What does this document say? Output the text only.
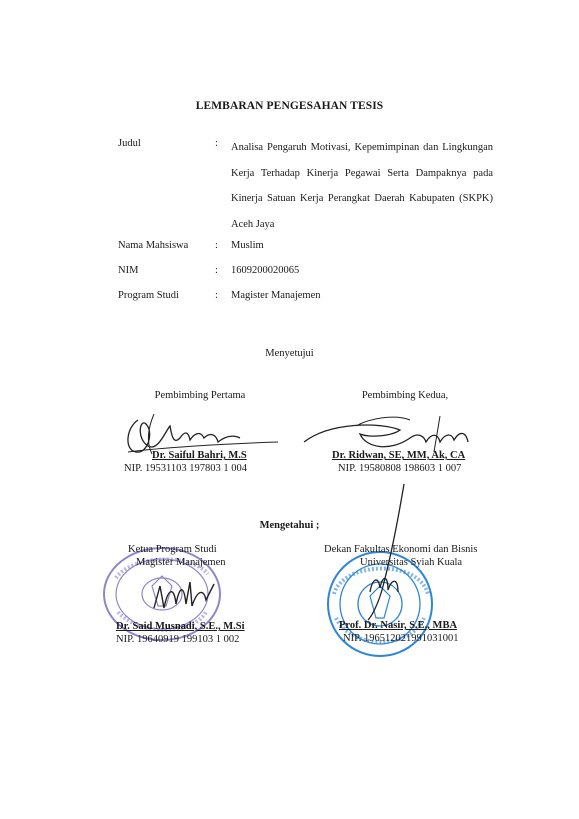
LEMBARAN PENGESAHAN TESIS
Judul	: Analisa Pengaruh Motivasi, Kepemimpinan dan Lingkungan Kerja Terhadap Kinerja Pegawai Serta Dampaknya pada Kinerja Satuan Kerja Perangkat Daerah Kabupaten (SKPK) Aceh Jaya
Nama Mahsiswa	: Muslim
NIM	: 1609200020065
Program Studi	: Magister Manajemen
Menyetujui
Pembimbing Pertama
Dr. Saiful Bahri, M.S
NIP. 19531103 197803 1 004
Pembimbing Kedua,
Dr. Ridwan, SE, MM, Ak, CA
NIP. 19580808 198603 1 007
Mengetahui ;
Ketua Program Studi
Magister Manajemen
Dr. Said Musnadi, S.E., M.Si
NIP. 19640919 199103 1 002
Dekan Fakultas Ekonomi dan Bisnis
Universitas Syiah Kuala
Prof. Dr. Nasir, S.E., MBA
NIP. 196512021991031001
